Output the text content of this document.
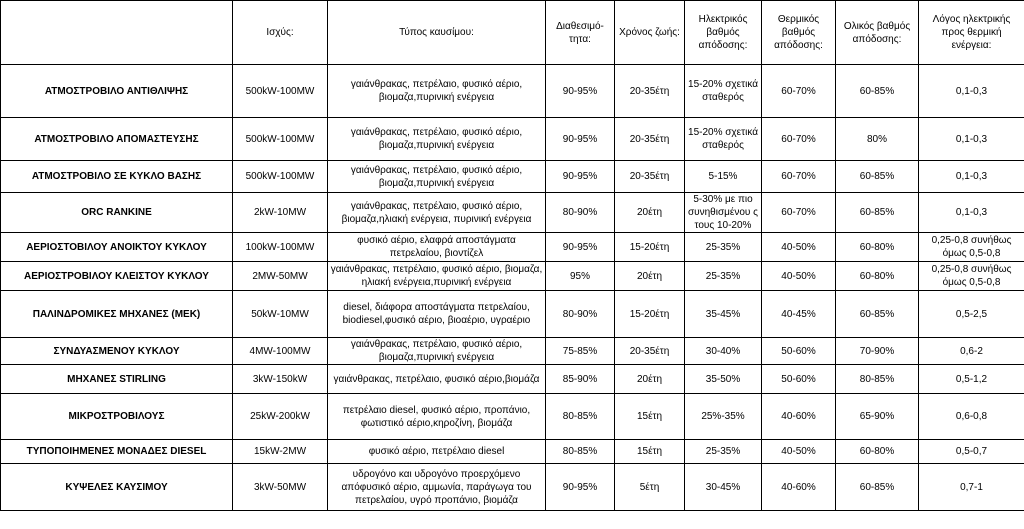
	Ισχύς:	Τύπος καυσίμου:	Διαθεσιμό-τητα:	Χρόνος ζωής:	Ηλεκτρικός βαθμός απόδοσης:	Θερμικός βαθμός απόδοσης:	Ολικός βαθμός απόδοσης:	Λόγος ηλεκτρικής προς θερμική ενέργεια:
ΑΤΜΟΣΤΡΟΒΙΛΟ ΑΝΤΙΘΛΙΨΗΣ	500kW-100MW	γαιάνθρακας, πετρέλαιο, φυσικό αέριο, βιομαζα,πυρινική ενέργεια	90-95%	20-35έτη	15-20% σχετικά σταθερός	60-70%	60-85%	0,1-0,3
ΑΤΜΟΣΤΡΟΒΙΛΟ ΑΠΟΜΑΣΤΕΥΣΗΣ	500kW-100MW	γαιάνθρακας, πετρέλαιο, φυσικό αέριο, βιομαζα,πυρινική ενέργεια	90-95%	20-35έτη	15-20% σχετικά σταθερός	60-70%	80%	0,1-0,3
ΑΤΜΟΣΤΡΟΒΙΛΟ ΣΕ ΚΥΚΛΟ ΒΑΣΗΣ	500kW-100MW	γαιάνθρακας, πετρέλαιο, φυσικό αέριο, βιομαζα,πυρινική ενέργεια	90-95%	20-35έτη	5-15%	60-70%	60-85%	0,1-0,3
ORC RANKINE	2kW-10MW	γαιάνθρακας, πετρέλαιο, φυσικό αέριο, βιομαζα,ηλιακή ενέργεια, πυρινική ενέργεια	80-90%	20έτη	5-30% με πιο συνηθισμένου ς τους 10-20%	60-70%	60-85%	0,1-0,3
ΑΕΡΙΟΣΤΟΒΙΛΟΥ ΑΝΟΙΚΤΟΥ ΚΥΚΛΟΥ	100kW-100MW	φυσικό αέριο, ελαφρά αποστάγματα πετρελαίου, βιοντίζελ	90-95%	15-20έτη	25-35%	40-50%	60-80%	0,25-0,8 συνήθως όμως 0,5-0,8
ΑΕΡΙΟΣΤΡΟΒΙΛΟΥ ΚΛΕΙΣΤΟΥ ΚΥΚΛΟΥ	2MW-50MW	γαιάνθρακας, πετρέλαιο, φυσικό αέριο, βιομαζα, ηλιακή ενέργεια,πυρινική ενέργεια	95%	20έτη	25-35%	40-50%	60-80%	0,25-0,8 συνήθως όμως 0,5-0,8
ΠΑΛΙΝΔΡΟΜΙΚΕΣ ΜΗΧΑΝΕΣ (ΜΕΚ)	50kW-10MW	diesel, διάφορα αποστάγματα πετρελαίου, biodiesel,φυσικό αέριο, βιοαέριο, υγραέριο	80-90%	15-20έτη	35-45%	40-45%	60-85%	0,5-2,5
ΣΥΝΔΥΑΣΜΕΝΟΥ ΚΥΚΛΟΥ	4MW-100MW	γαιάνθρακας, πετρέλαιο, φυσικό αέριο, βιομαζα,πυρινική ενέργεια	75-85%	20-35έτη	30-40%	50-60%	70-90%	0,6-2
ΜΗΧΑΝΕΣ STIRLING	3kW-150kW	γαιάνθρακας, πετρέλαιο, φυσικό αέριο,βιομάζα	85-90%	20έτη	35-50%	50-60%	80-85%	0,5-1,2
ΜΙΚΡΟΣΤΡΟΒΙΛΟΥΣ	25kW-200kW	πετρέλαιο diesel, φυσικό αέριο, προπάνιο, φωτιστικό αέριο,κηροζίνη, βιομάζα	80-85%	15έτη	25%-35%	40-60%	65-90%	0,6-0,8
ΤΥΠΟΠΟΙΗΜΕΝΕΣ ΜΟΝΑΔΕΣ DIESEL	15kW-2MW	φυσικό αέριο, πετρέλαιο diesel	80-85%	15έτη	25-35%	40-50%	60-80%	0,5-0,7
ΚΥΨΕΛΕΣ ΚΑΥΣΙΜΟΥ	3kW-50MW	υδρογόνο και υδρογόνο προερχόμενο απόφυσικό αέριο, αμμωνία, παράγωγα του πετρελαίου, υγρό προπάνιο, βιομάζα	90-95%	5έτη	30-45%	40-60%	60-85%	0,7-1
